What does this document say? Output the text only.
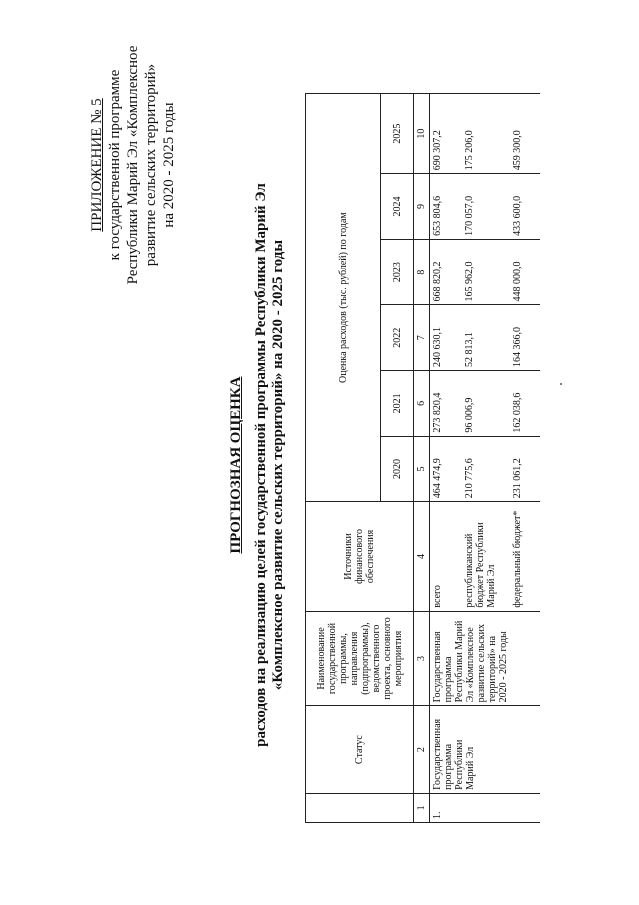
ПРИЛОЖЕНИЕ № 5 к государственной программе Республики Марий Эл «Комплексное развитие сельских территорий» на 2020 - 2025 годы
ПРОГНОЗНАЯ ОЦЕНКА расходов на реализацию целей государственной программы Республики Марий Эл «Комплексное развитие сельских территорий» на 2020 - 2025 годы
	Статус	Наименование государственной программы, направления (подпрограммы), ведомственного проекта, основного мероприятия	Источники финансового обеспечения	Оценка расходов (тыс. рублей) по годам					
				2020	2021	2022	2023	2024	2025
1	2	3	4	5	6	7	8	9	10
1.	Государственная программа Республики Марий Эл	Государственная программа Республики Марий Эл «Комплексное развитие сельских территорий» на 2020 - 2025 годы	всего	464 474,9	273 820,4	240 630,1	668 820,2	653 804,6	690 307,2
			республиканский бюджет Республики Марий Эл	210 775,6	96 006,9	52 813,1	165 962,0	170 057,0	175 206,0
			федеральный бюджет*	231 061,2	162 038,6	164 366,0	448 000,0	433 600,0	459 300,0
